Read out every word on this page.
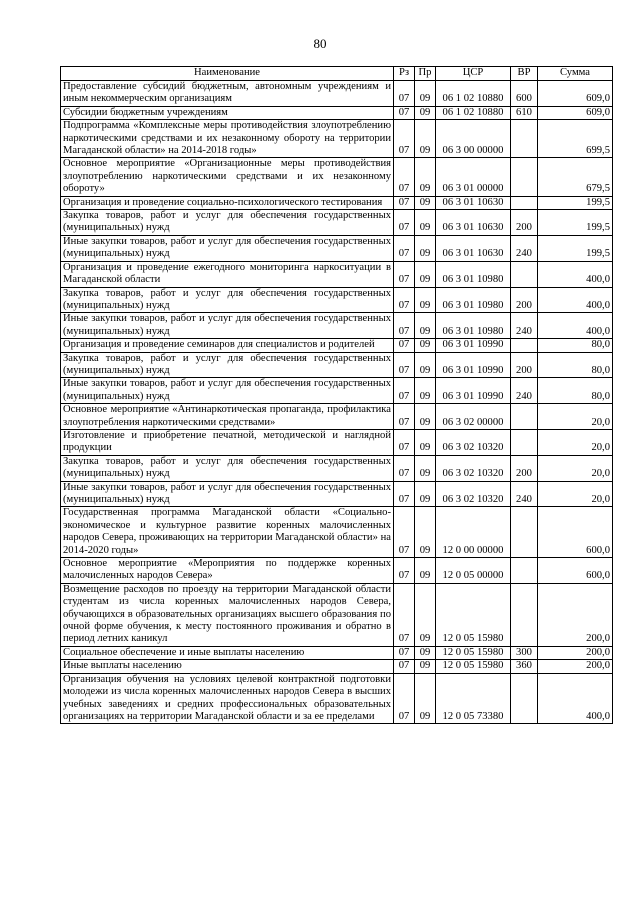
80
Наименование	Рз	Пр	ЦСР	ВР	Сумма
Предоставление субсидий бюджетным, автономным учреждениям и иным некоммерческим организациям	07	09	06 1 02 10880	600	609,0
Субсидии бюджетным учреждениям	07	09	06 1 02 10880	610	609,0
Подпрограмма «Комплексные меры противодействия злоупотреблению наркотическими средствами и их незаконному обороту на территории Магаданской области» на 2014-2018 годы»	07	09	06 3 00 00000		699,5
Основное мероприятие «Организационные меры противодействия злоупотреблению наркотическими средствами и их незаконному обороту»	07	09	06 3 01 00000		679,5
Организация и проведение социально-психологического тестирования	07	09	06 3 01 10630		199,5
Закупка товаров, работ и услуг для обеспечения государственных (муниципальных) нужд	07	09	06 3 01 10630	200	199,5
Иные закупки товаров, работ и услуг для обеспечения государственных (муниципальных) нужд	07	09	06 3 01 10630	240	199,5
Организация и проведение ежегодного мониторинга наркоситуации в Магаданской области	07	09	06 3 01 10980		400,0
Закупка товаров, работ и услуг для обеспечения государственных (муниципальных) нужд	07	09	06 3 01 10980	200	400,0
Иные закупки товаров, работ и услуг для обеспечения государственных (муниципальных) нужд	07	09	06 3 01 10980	240	400,0
Организация и проведение семинаров для специалистов и родителей	07	09	06 3 01 10990		80,0
Закупка товаров, работ и услуг для обеспечения государственных (муниципальных) нужд	07	09	06 3 01 10990	200	80,0
Иные закупки товаров, работ и услуг для обеспечения государственных (муниципальных) нужд	07	09	06 3 01 10990	240	80,0
Основное мероприятие «Антинаркотическая пропаганда, профилактика злоупотребления наркотическими средствами»	07	09	06 3 02 00000		20,0
Изготовление и приобретение печатной, методической и наглядной продукции	07	09	06 3 02 10320		20,0
Закупка товаров, работ и услуг для обеспечения государственных (муниципальных) нужд	07	09	06 3 02 10320	200	20,0
Иные закупки товаров, работ и услуг для обеспечения государственных (муниципальных) нужд	07	09	06 3 02 10320	240	20,0
Государственная программа Магаданской области «Социально-экономическое и культурное развитие коренных малочисленных народов Севера, проживающих на территории Магаданской области» на 2014-2020 годы»	07	09	12 0 00 00000		600,0
Основное мероприятие «Мероприятия по поддержке коренных малочисленных народов Севера»	07	09	12 0 05 00000		600,0
Возмещение расходов по проезду на территории Магаданской области студентам из числа коренных малочисленных народов Севера, обучающихся в образовательных организациях высшего образования по очной форме обучения, к месту постоянного проживания и обратно в период летних каникул	07	09	12 0 05 15980		200,0
Социальное обеспечение и иные выплаты населению	07	09	12 0 05 15980	300	200,0
Иные выплаты населению	07	09	12 0 05 15980	360	200,0
Организация обучения на условиях целевой контрактной подготовки молодежи из числа коренных малочисленных народов Севера в высших учебных заведениях и средних профессиональных образовательных организациях на территории Магаданской области и за ее пределами	07	09	12 0 05 73380		400,0
